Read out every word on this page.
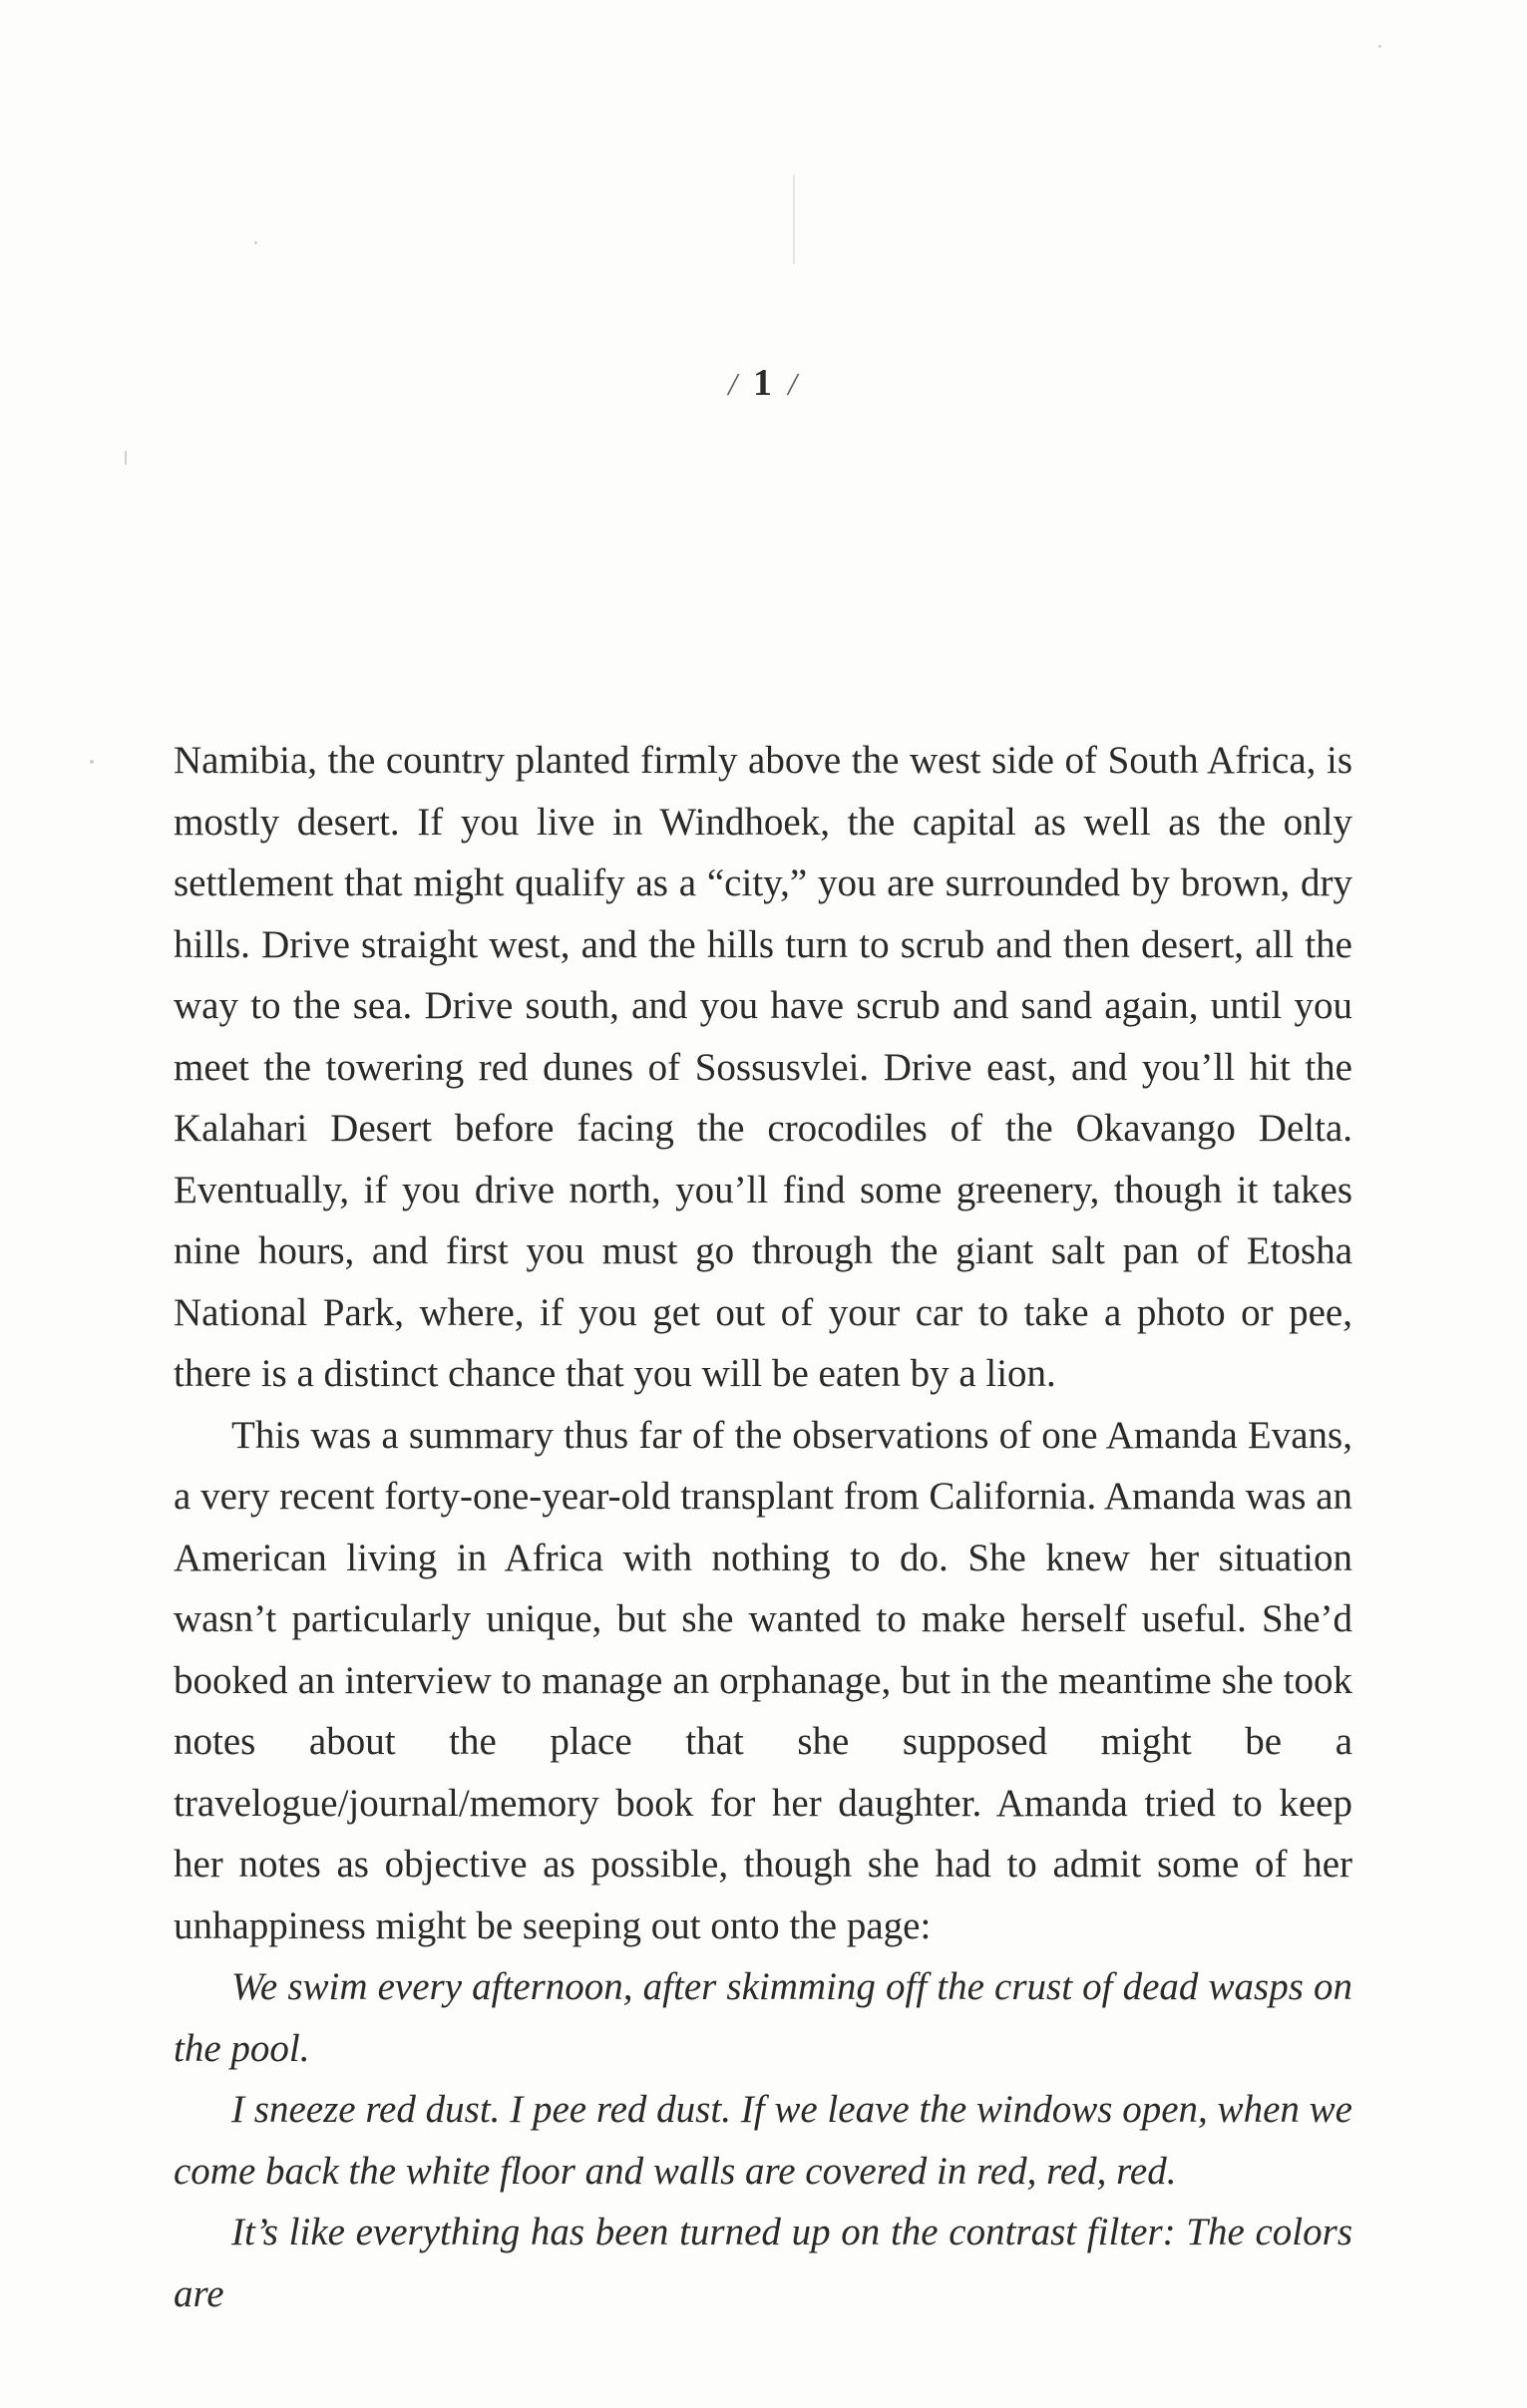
/ 1 /

Namibia, the country planted firmly above the west side of South Africa, is mostly desert. If you live in Windhoek, the capital as well as the only settlement that might qualify as a “city,” you are surrounded by brown, dry hills. Drive straight west, and the hills turn to scrub and then desert, all the way to the sea. Drive south, and you have scrub and sand again, until you meet the towering red dunes of Sossusvlei. Drive east, and you’ll hit the Kalahari Desert before facing the crocodiles of the Okavango Delta. Eventually, if you drive north, you’ll find some greenery, though it takes nine hours, and first you must go through the giant salt pan of Etosha National Park, where, if you get out of your car to take a photo or pee, there is a distinct chance that you will be eaten by a lion.

This was a summary thus far of the observations of one Amanda Evans, a very recent forty-one-year-old transplant from California. Amanda was an American living in Africa with nothing to do. She knew her situation wasn’t particularly unique, but she wanted to make herself useful. She’d booked an interview to manage an orphanage, but in the meantime she took notes about the place that she supposed might be a travelogue/journal/memory book for her daughter. Amanda tried to keep her notes as objective as possible, though she had to admit some of her unhappiness might be seeping out onto the page:

We swim every afternoon, after skimming off the crust of dead wasps on the pool.

I sneeze red dust. I pee red dust. If we leave the windows open, when we come back the white floor and walls are covered in red, red, red.

It’s like everything has been turned up on the contrast filter: The colors are
